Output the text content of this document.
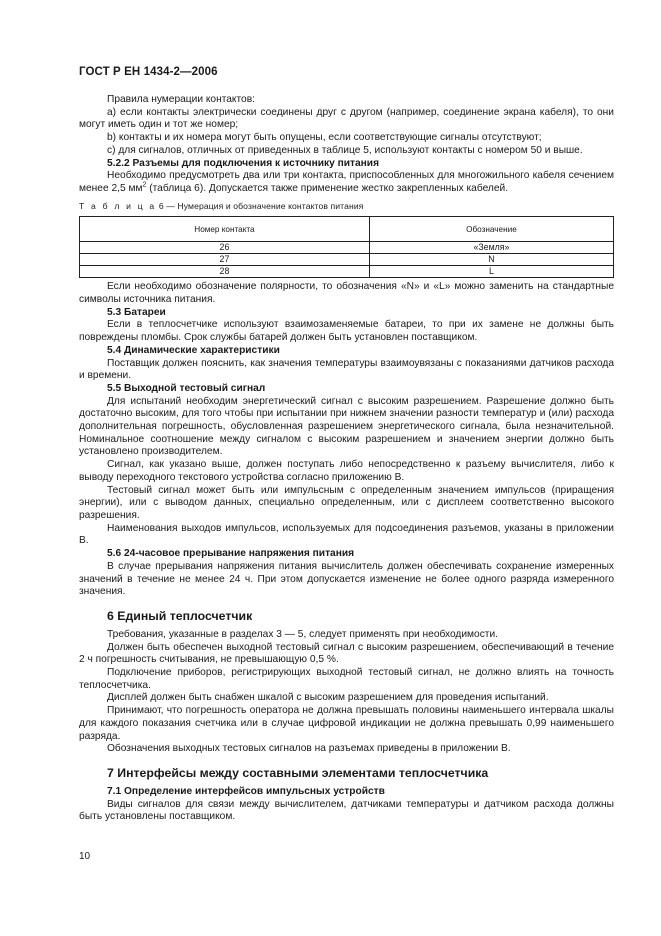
ГОСТ Р ЕН 1434-2—2006

Правила нумерации контактов:

a) если контакты электрически соединены друг с другом (например, соединение экрана кабеля), то они могут иметь один и тот же номер;

b) контакты и их номера могут быть опущены, если соответствующие сигналы отсутствуют;

c) для сигналов, отличных от приведенных в таблице 5, используют контакты с номером 50 и выше.

5.2.2 Разъемы для подключения к источнику питания

Необходимо предусмотреть два или три контакта, приспособленных для многожильного кабеля сечением менее 2,5 $мм^2$ (таблица 6). Допускается также применение жестко закрепленных кабелей.

Т а б л и ц а 6 — Нумерация и обозначение контактов питания
Номер контакта	Обозначение
26	«Земля»
27	N
28	L

Если необходимо обозначение полярности, то обозначения «N» и «L» можно заменить на стандартные символы источника питания.

5.3 Батареи

Если в теплосчетчике используют взаимозаменяемые батареи, то при их замене не должны быть повреждены пломбы. Срок службы батарей должен быть установлен поставщиком.

5.4 Динамические характеристики

Поставщик должен пояснить, как значения температуры взаимоувязаны с показаниями датчиков расхода и времени.

5.5 Выходной тестовый сигнал

Для испытаний необходим энергетический сигнал с высоким разрешением. Разрешение должно быть достаточно высоким, для того чтобы при испытании при нижнем значении разности температур и (или) расхода дополнительная погрешность, обусловленная разрешением энергетического сигнала, была незначительной. Номинальное соотношение между сигналом с высоким разрешением и значением энергии должно быть установлено производителем.

Сигнал, как указано выше, должен поступать либо непосредственно к разъему вычислителя, либо к выводу переходного текстового устройства согласно приложению В.

Тестовый сигнал может быть или импульсным с определенным значением импульсов (приращения энергии), или с выводом данных, специально определенным, или с дисплеем соответственно высокого разрешения.

Наименования выходов импульсов, используемых для подсоединения разъемов, указаны в приложении В.

5.6 24-часовое прерывание напряжения питания

В случае прерывания напряжения питания вычислитель должен обеспечивать сохранение измеренных значений в течение не менее 24 ч. При этом допускается изменение не более одного разряда измеренного значения.

6 Единый теплосчетчик

Требования, указанные в разделах 3 — 5, следует применять при необходимости.

Должен быть обеспечен выходной тестовый сигнал с высоким разрешением, обеспечивающий в течение 2 ч погрешность считывания, не превышающую 0,5 %.

Подключение приборов, регистрирующих выходной тестовый сигнал, не должно влиять на точность теплосчетчика.

Дисплей должен быть снабжен шкалой с высоким разрешением для проведения испытаний.

Принимают, что погрешность оператора не должна превышать половины наименьшего интервала шкалы для каждого показания счетчика или в случае цифровой индикации не должна превышать 0,99 наименьшего разряда.

Обозначения выходных тестовых сигналов на разъемах приведены в приложении В.

7 Интерфейсы между составными элементами теплосчетчика

7.1 Определение интерфейсов импульсных устройств

Виды сигналов для связи между вычислителем, датчиками температуры и датчиком расхода должны быть установлены поставщиком.

10
